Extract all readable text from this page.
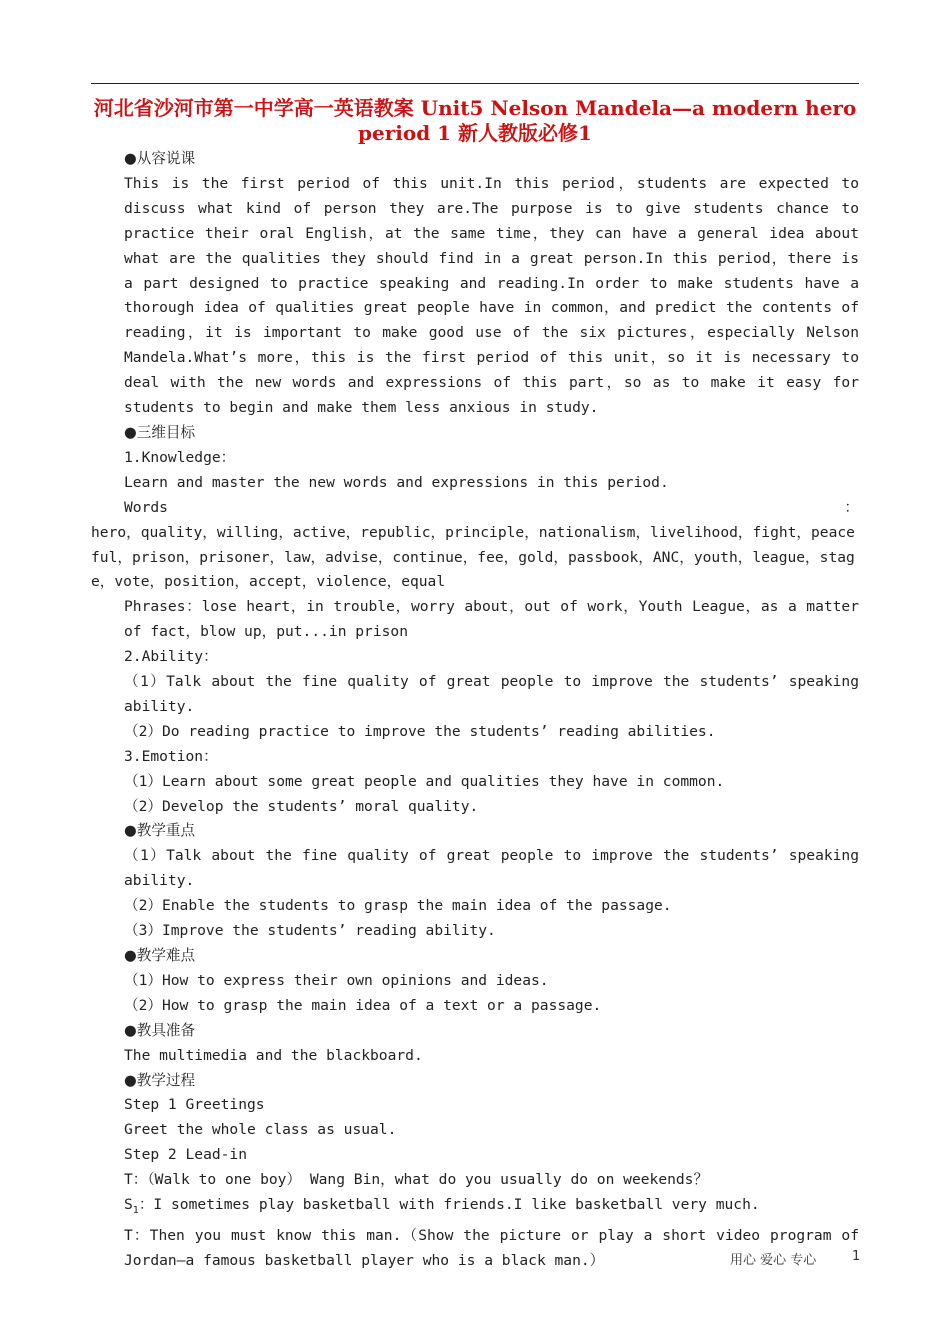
河北省沙河市第一中学高一英语教案 Unit5 Nelson Mandela—a modern hero
period 1 新人教版必修1

●从容说课

This is the first period of this unit.In this period，students are expected to discuss what kind of person they are.The purpose is to give students chance to practice their oral English，at the same time，they can have a general idea about what are the qualities they should find in a great person.In this period，there is a part designed to practice speaking and reading.In order to make students have a thorough idea of qualities great people have in common，and predict the contents of reading，it is important to make good use of the six pictures，especially Nelson Mandela.What’s more，this is the first period of this unit，so it is necessary to deal with the new words and expressions of this part，so as to make it easy for students to begin and make them less anxious in study.

●三维目标

1.Knowledge：

Learn and master the new words and expressions in this period.

Words	：

hero，quality，willing，active，republic，principle，nationalism，livelihood，fight，peaceful，prison，prisoner，law，advise，continue，fee，gold，passbook，ANC，youth，league，stage，vote，position，accept，violence，equal

Phrases：lose heart，in trouble，worry about，out of work，Youth League，as a matter of fact，blow up，put...in prison

2.Ability：

（1）Talk about the fine quality of great people to improve the students’ speaking ability.

（2）Do reading practice to improve the students’ reading abilities.

3.Emotion：

（1）Learn about some great people and qualities they have in common.

（2）Develop the students’ moral quality.

●教学重点

（1）Talk about the fine quality of great people to improve the students’ speaking ability.

（2）Enable the students to grasp the main idea of the passage.

（3）Improve the students’ reading ability.

●教学难点

（1）How to express their own opinions and ideas.

（2）How to grasp the main idea of a text or a passage.

●教具准备

The multimedia and the blackboard.

●教学过程

Step 1 Greetings

Greet the whole class as usual.

Step 2 Lead-in

T：（Walk to one boy） Wang Bin，what do you usually do on weekends？

$S_1$：I sometimes play basketball with friends.I like basketball very much.

T：Then you must know this man.（Show the picture or play a short video program of Jordan—a famous basketball player who is a black man.）	用心 爱心 专心	1
